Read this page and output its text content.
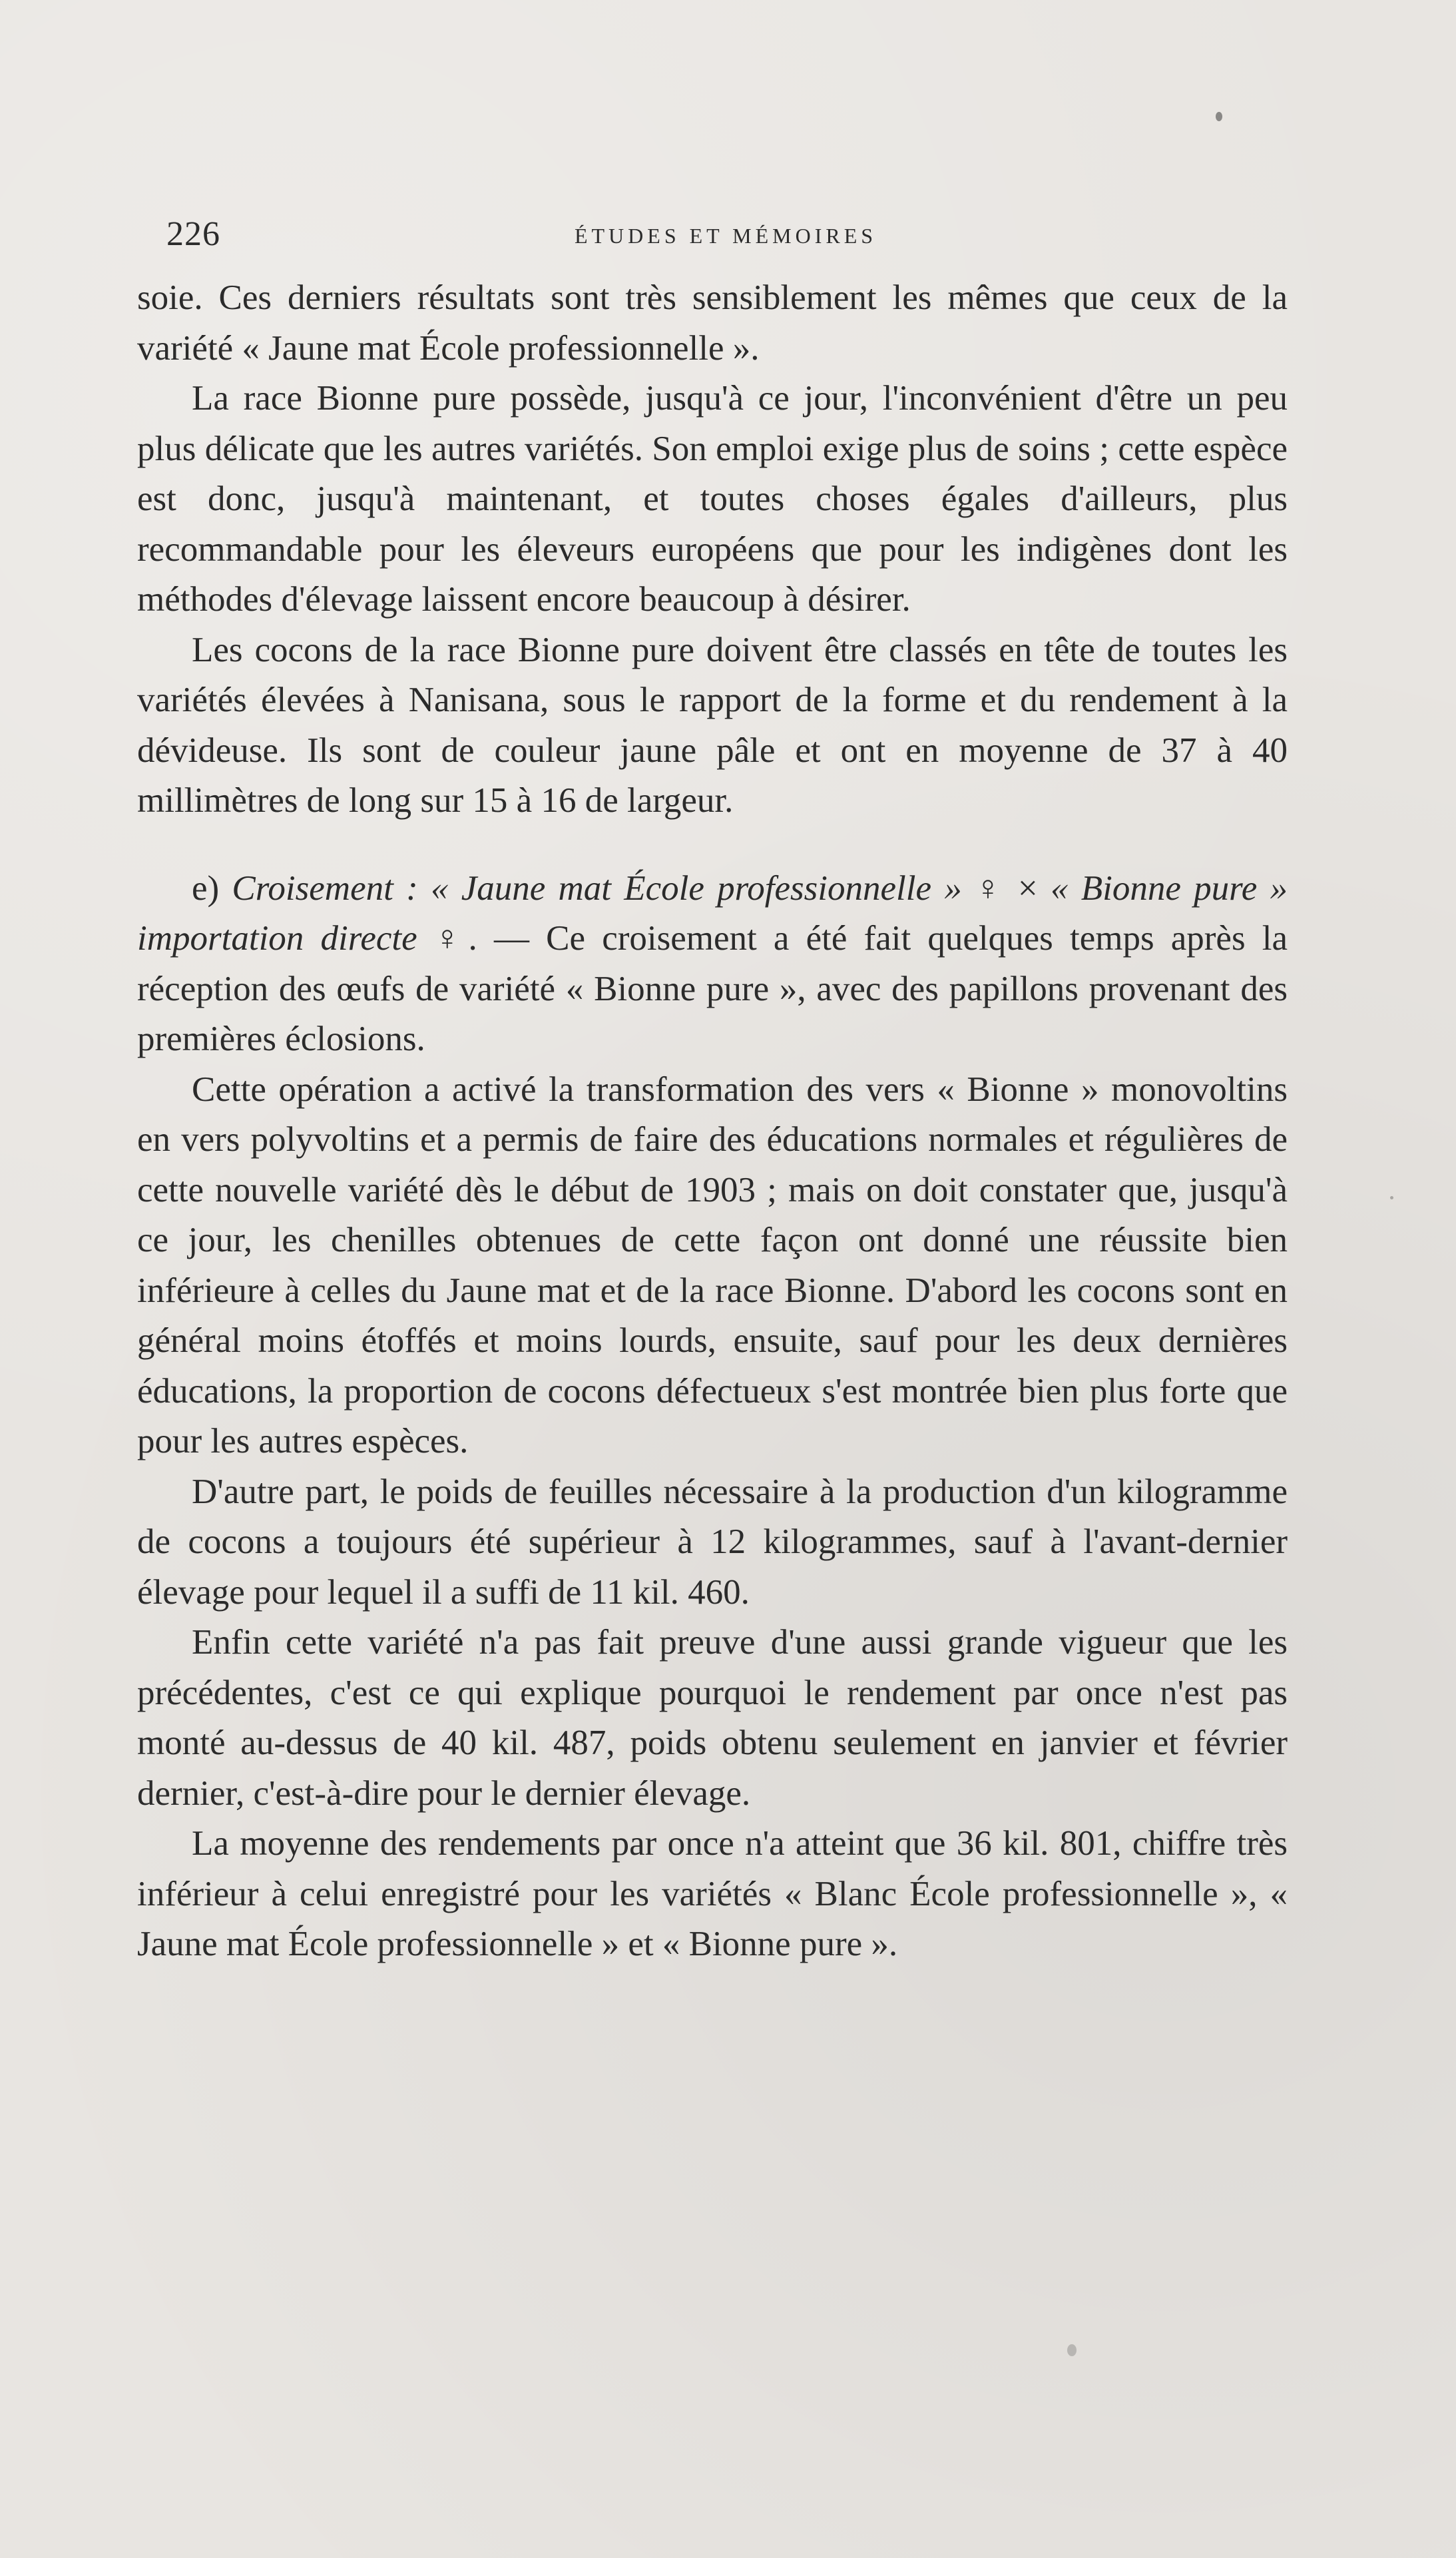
226	ÉTUDES ET MÉMOIRES

soie. Ces derniers résultats sont très sensiblement les mêmes que ceux de la variété « Jaune mat École professionnelle ».

La race Bionne pure possède, jusqu'à ce jour, l'inconvénient d'être un peu plus délicate que les autres variétés. Son emploi exige plus de soins ; cette espèce est donc, jusqu'à maintenant, et toutes choses égales d'ailleurs, plus recommandable pour les éleveurs européens que pour les indigènes dont les méthodes d'élevage laissent encore beaucoup à désirer.

Les cocons de la race Bionne pure doivent être classés en tête de toutes les variétés élevées à Nanisana, sous le rapport de la forme et du rendement à la dévideuse. Ils sont de couleur jaune pâle et ont en moyenne de 37 à 40 millimètres de long sur 15 à 16 de largeur.

e) Croisement : « Jaune mat École professionnelle » ♀ × « Bionne pure » importation directe ♀. — Ce croisement a été fait quelques temps après la réception des œufs de variété « Bionne pure », avec des papillons provenant des premières éclosions.

Cette opération a activé la transformation des vers « Bionne » monovoltins en vers polyvoltins et a permis de faire des éducations normales et régulières de cette nouvelle variété dès le début de 1903 ; mais on doit constater que, jusqu'à ce jour, les chenilles obtenues de cette façon ont donné une réussite bien inférieure à celles du Jaune mat et de la race Bionne. D'abord les cocons sont en général moins étoffés et moins lourds, ensuite, sauf pour les deux dernières éducations, la proportion de cocons défectueux s'est montrée bien plus forte que pour les autres espèces.

D'autre part, le poids de feuilles nécessaire à la production d'un kilogramme de cocons a toujours été supérieur à 12 kilogrammes, sauf à l'avant-dernier élevage pour lequel il a suffi de 11 kil. 460.

Enfin cette variété n'a pas fait preuve d'une aussi grande vigueur que les précédentes, c'est ce qui explique pourquoi le rendement par once n'est pas monté au-dessus de 40 kil. 487, poids obtenu seulement en janvier et février dernier, c'est-à-dire pour le dernier élevage.

La moyenne des rendements par once n'a atteint que 36 kil. 801, chiffre très inférieur à celui enregistré pour les variétés « Blanc École professionnelle », « Jaune mat École professionnelle » et « Bionne pure ».
